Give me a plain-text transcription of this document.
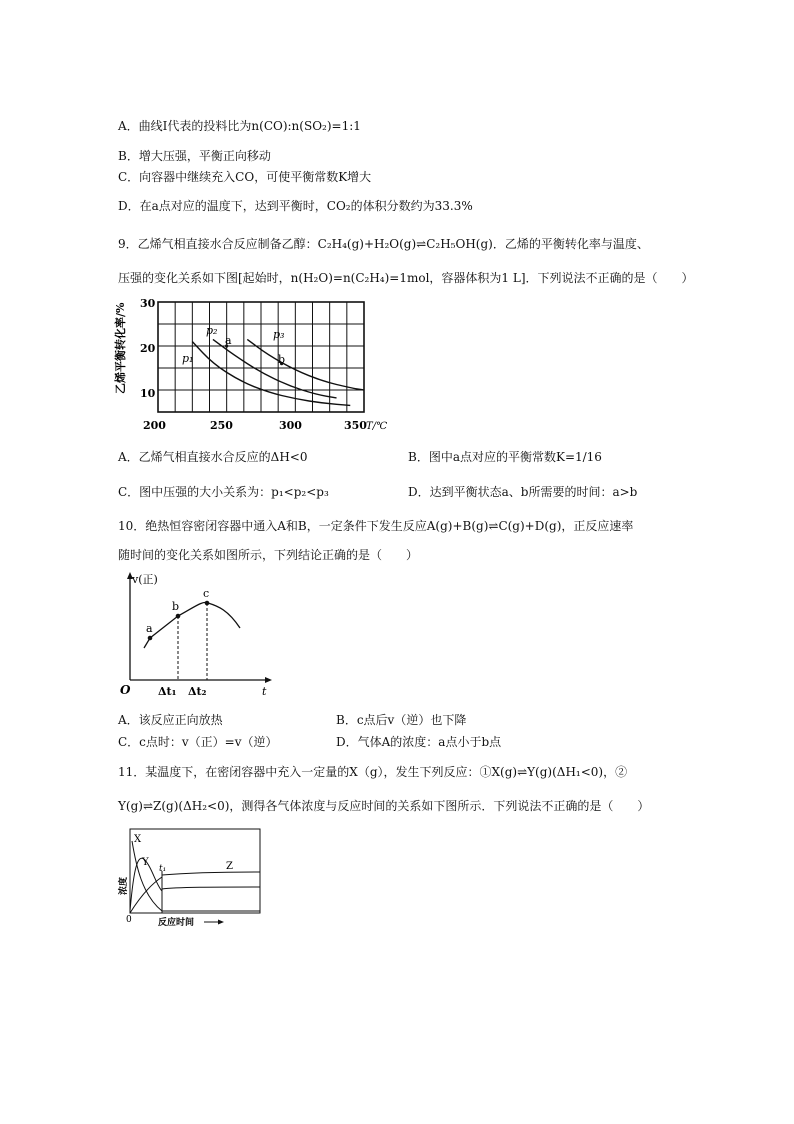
A．曲线Ⅰ代表的投料比为n(CO):n(SO₂)=1:1
B．增大压强，平衡正向移动
C．向容器中继续充入CO，可使平衡常数K增大
D．在a点对应的温度下，达到平衡时，CO₂的体积分数约为33.3%
9．乙烯气相直接水合反应制备乙醇：C₂H₄(g)+H₂O(g)⇌C₂H₅OH(g)．乙烯的平衡转化率与温度、
压强的变化关系如下图[起始时，n(H₂O)=n(C₂H₄)=1mol，容器体积为1 L]．下列说法不正确的是（　　）
乙烯平衡转化率/% 30
20
10
200	250	300	350 T/℃
p₁
p₂	p₃
a
b
A．乙烯气相直接水合反应的ΔH<0	B．图中a点对应的平衡常数K=1/16
C．图中压强的大小关系为：p₁<p₂<p₃	D．达到平衡状态a、b所需要的时间：a>b
10．绝热恒容密闭容器中通入A和B，一定条件下发生反应A(g)+B(g)⇌C(g)+D(g)，正反应速率
随时间的变化关系如图所示，下列结论正确的是（　　）
v(正)
a
b
c
O	Δt₁ Δt₂	t
A．该反应正向放热	B．c点后v（逆）也下降
C．c点时：v（正）=v（逆）	D．气体A的浓度：a点小于b点
11．某温度下，在密闭容器中充入一定量的X（g），发生下列反应：①X(g)⇌Y(g)(ΔH₁<0)，②
Y(g)⇌Z(g)(ΔH₂<0)，测得各气体浓度与反应时间的关系如下图所示．下列说法不正确的是（　　）
X
Y	Z
t₁
浓度
0	反应时间
